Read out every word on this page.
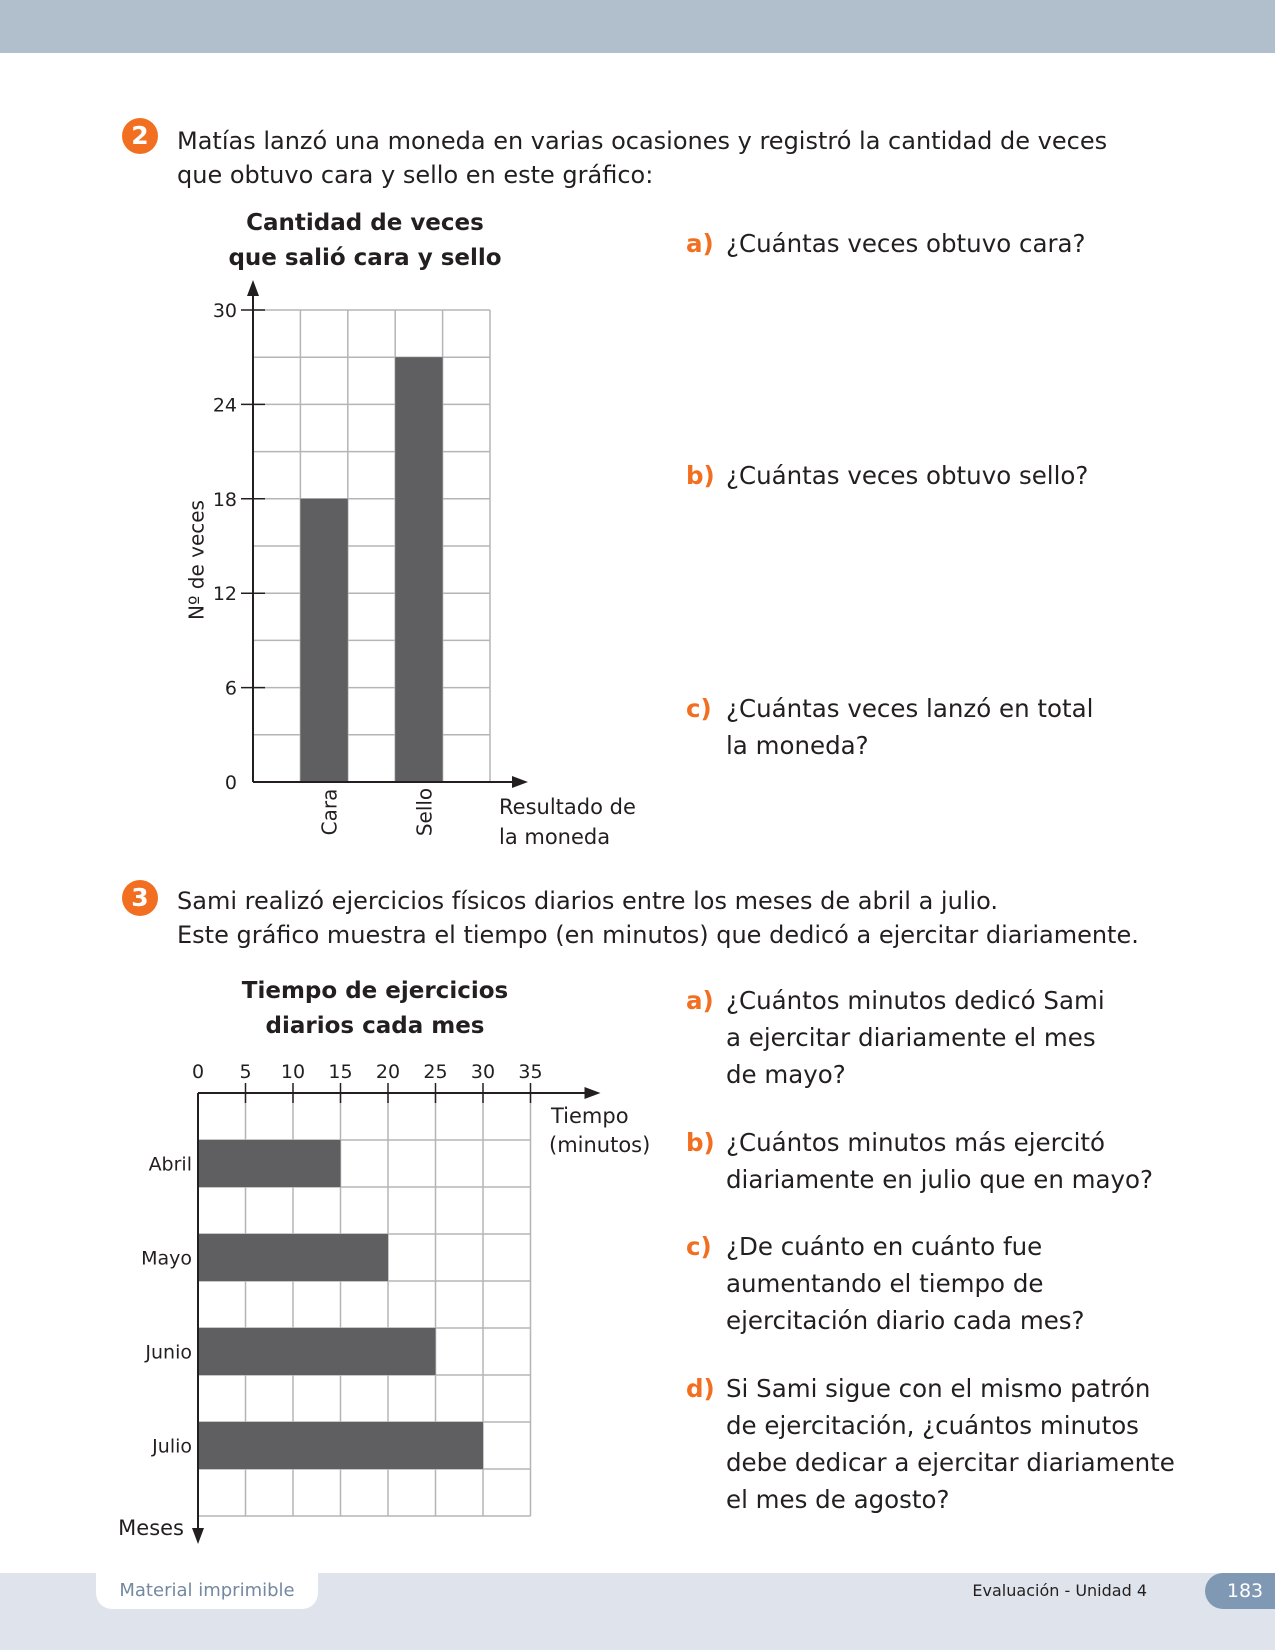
2	Matías lanzó una moneda en varias ocasiones y registró la cantidad de veces
que obtuvo cara y sello en este gráfico:
Cantidad de veces
que salió cara y sello
Cara	Sello
0
6
12
18
24
30
Nº de veces
Resultado de
la moneda
a) ¿Cuántas veces obtuvo cara?
b) ¿Cuántas veces obtuvo sello?
c) ¿Cuántas veces lanzó en total
la moneda?
3	Sami realizó ejercicios físicos diarios entre los meses de abril a julio.
Este gráfico muestra el tiempo (en minutos) que dedicó a ejercitar diariamente.
Tiempo de ejercicios
diarios cada mes
Abril
Mayo
Junio
Julio
0 5 10 15 20 25 30 35
Tiempo
(minutos)
Meses
a) ¿Cuántos minutos dedicó Sami
a ejercitar diariamente el mes
de mayo?
b) ¿Cuántos minutos más ejercitó
diariamente en julio que en mayo?
c) ¿De cuánto en cuánto fue
aumentando el tiempo de
ejercitación diario cada mes?
d) Si Sami sigue con el mismo patrón
de ejercitación, ¿cuántos minutos
debe dedicar a ejercitar diariamente
el mes de agosto?
Material imprimible	Evaluación - Unidad 4	183
